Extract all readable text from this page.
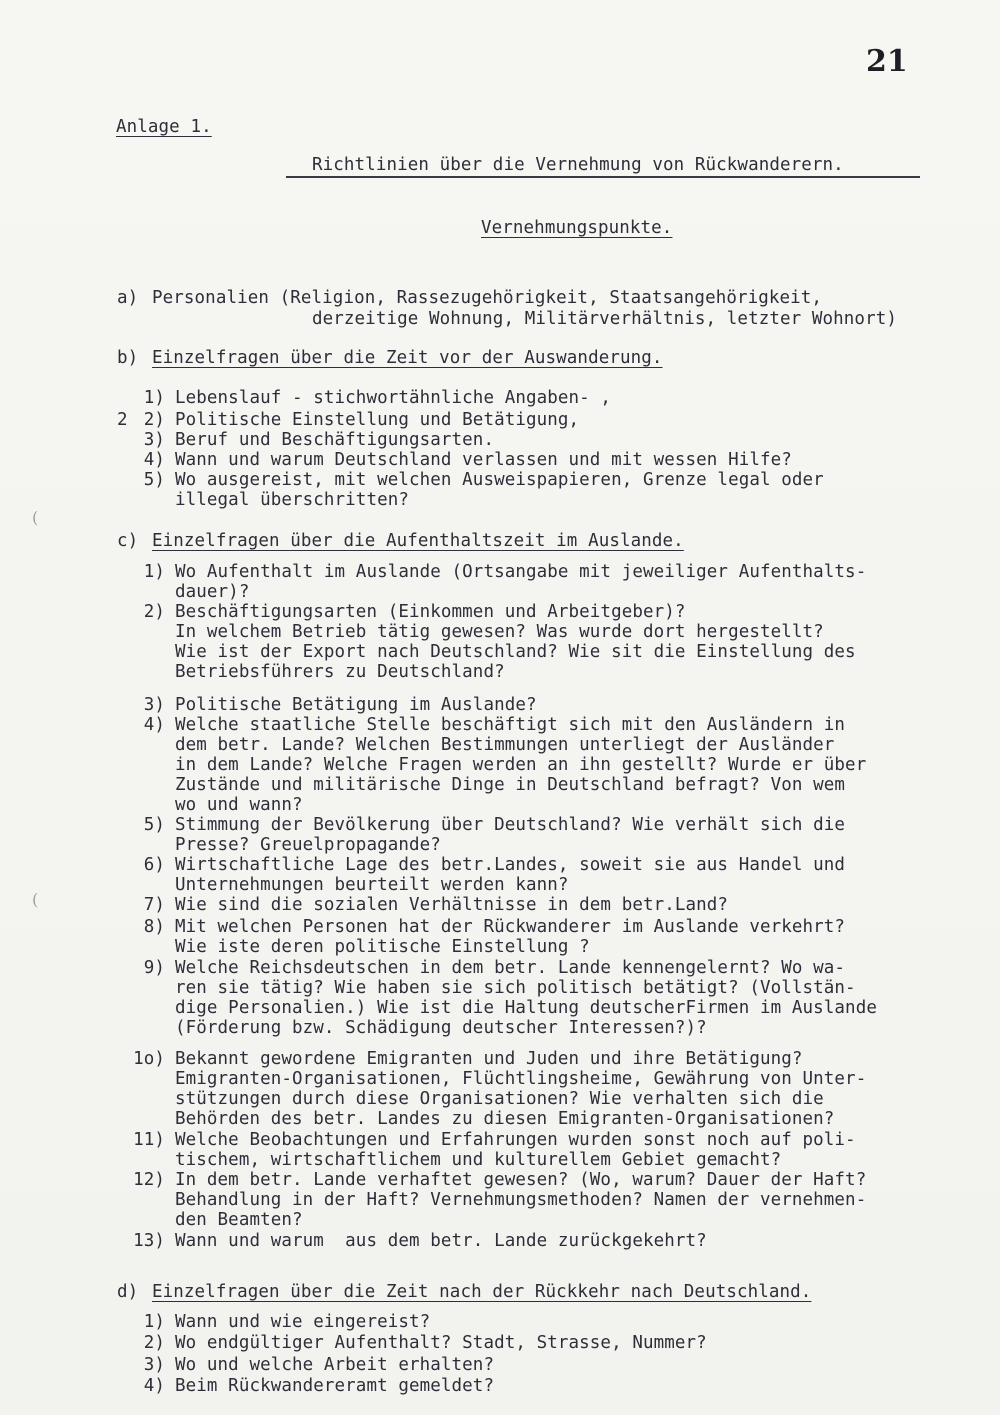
21
Anlage 1.
Richtlinien über die Vernehmung von Rückwanderern.
Vernehmungspunkte.
a) Personalien (Religion, Rassezugehörigkeit, Staatsangehörigkeit,
derzeitige Wohnung, Militärverhältnis, letzter Wohnort)
b) Einzelfragen über die Zeit vor der Auswanderung.
2
1) Lebenslauf - stichwortähnliche Angaben- ,
2) Politische Einstellung und Betätigung,
3) Beruf und Beschäftigungsarten.
4) Wann und warum Deutschland verlassen und mit wessen Hilfe?
5) Wo ausgereist, mit welchen Ausweispapieren, Grenze legal oder
illegal überschritten?
(
c) Einzelfragen über die Aufenthaltszeit im Auslande.
1) Wo Aufenthalt im Auslande (Ortsangabe mit jeweiliger Aufenthalts-
dauer)?
2) Beschäftigungsarten (Einkommen und Arbeitgeber)?
In welchem Betrieb tätig gewesen? Was wurde dort hergestellt?
Wie ist der Export nach Deutschland? Wie sit die Einstellung des
Betriebsführers zu Deutschland?
3) Politische Betätigung im Auslande?
4) Welche staatliche Stelle beschäftigt sich mit den Ausländern in
dem betr. Lande? Welchen Bestimmungen unterliegt der Ausländer
in dem Lande? Welche Fragen werden an ihn gestellt? Wurde er über
Zustände und militärische Dinge in Deutschland befragt? Von wem
wo und wann?
5) Stimmung der Bevölkerung über Deutschland? Wie verhält sich die
Presse? Greuelpropagande?
6) Wirtschaftliche Lage des betr.Landes, soweit sie aus Handel und
Unternehmungen beurteilt werden kann?
7) Wie sind die sozialen Verhältnisse in dem betr.Land?
8) Mit welchen Personen hat der Rückwanderer im Auslande verkehrt?
Wie iste deren politische Einstellung ?
9) Welche Reichsdeutschen in dem betr. Lande kennengelernt? Wo wa-
ren sie tätig? Wie haben sie sich politisch betätigt? (Vollstän-
dige Personalien.) Wie ist die Haltung deutscherFirmen im Auslande
(Förderung bzw. Schädigung deutscher Interessen?)?
1o) Bekannt gewordene Emigranten und Juden und ihre Betätigung?
Emigranten-Organisationen, Flüchtlingsheime, Gewährung von Unter-
stützungen durch diese Organisationen? Wie verhalten sich die
Behörden des betr. Landes zu diesen Emigranten-Organisationen?
11) Welche Beobachtungen und Erfahrungen wurden sonst noch auf poli-
tischem, wirtschaftlichem und kulturellem Gebiet gemacht?
12) In dem betr. Lande verhaftet gewesen? (Wo, warum? Dauer der Haft?
Behandlung in der Haft? Vernehmungsmethoden? Namen der vernehmen-
den Beamten?
13) Wann und warum  aus dem betr. Lande zurückgekehrt?
(
d) Einzelfragen über die Zeit nach der Rückkehr nach Deutschland.
1) Wann und wie eingereist?
2) Wo endgültiger Aufenthalt? Stadt, Strasse, Nummer?
3) Wo und welche Arbeit erhalten?
4) Beim Rückwandereramt gemeldet?
